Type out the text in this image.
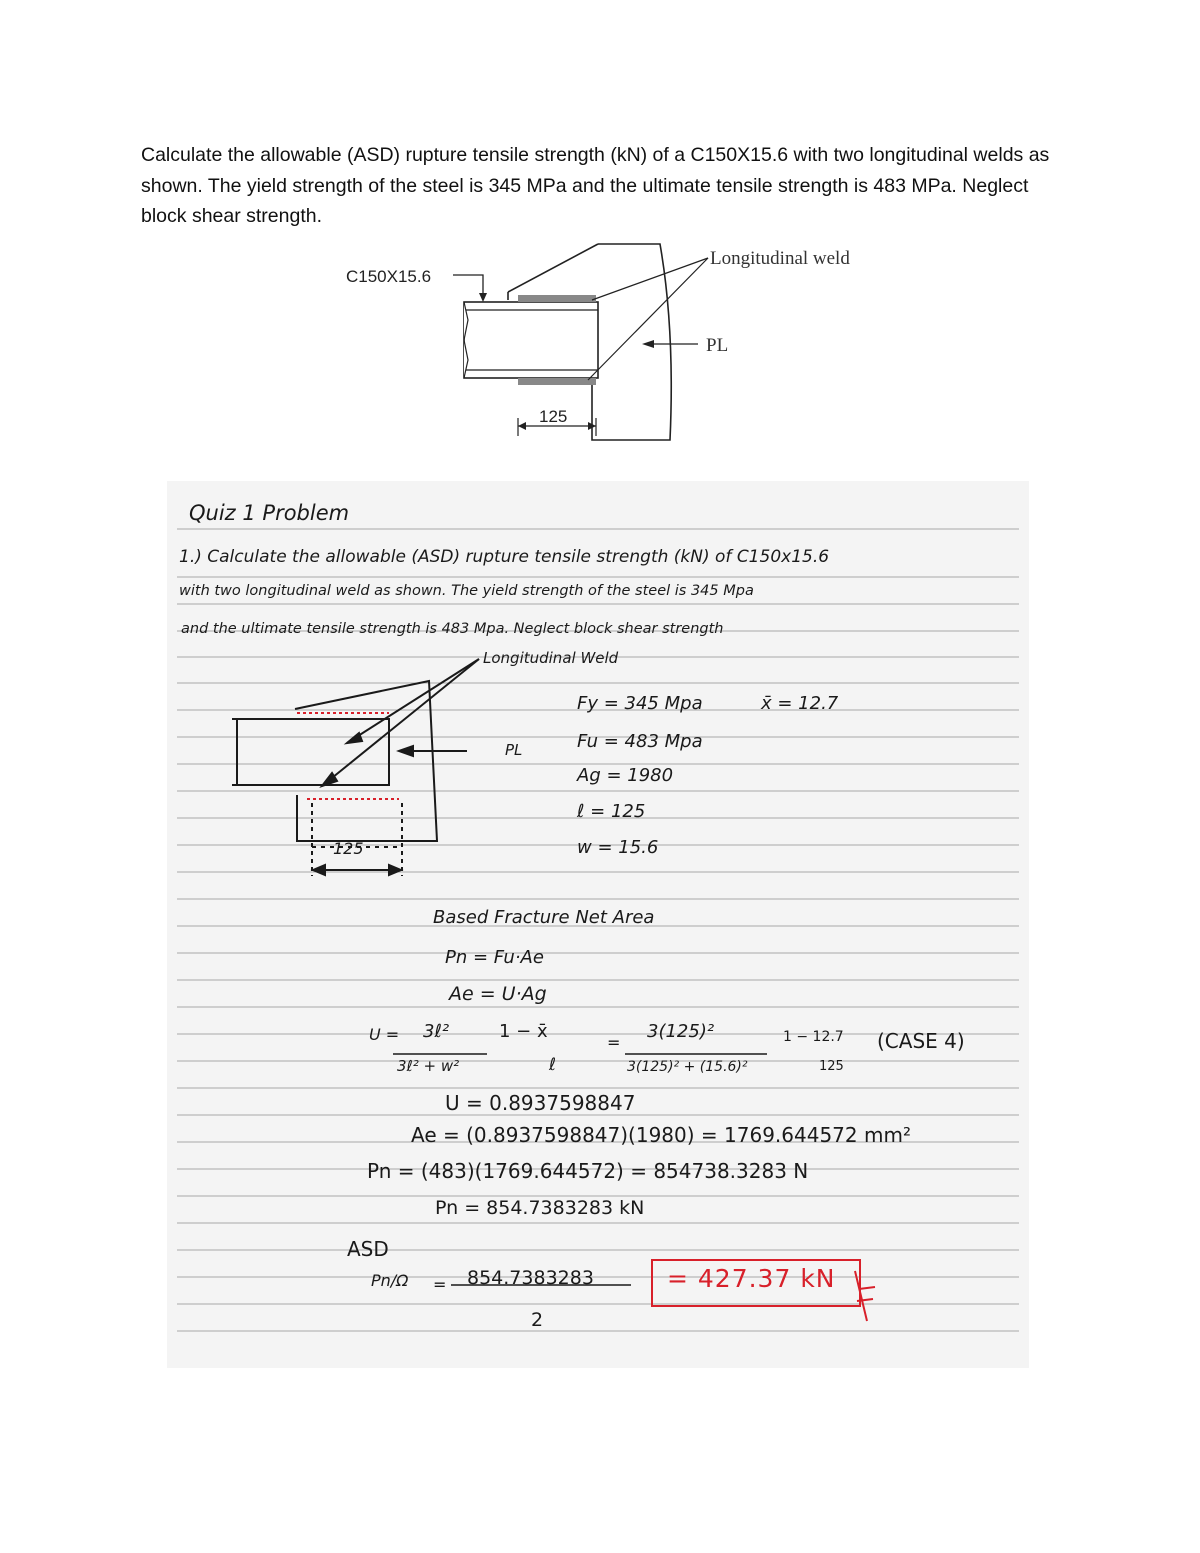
Calculate the allowable (ASD) rupture tensile strength (kN) of a C150X15.6 with two longitudinal welds as shown. The yield strength of the steel is 345 MPa and the ultimate tensile strength is 483 MPa. Neglect block shear strength.
C150X15.6
Longitudinal weld
PL
125
Quiz 1 Problem
1.) Calculate the allowable (ASD) rupture tensile strength (kN) of C150x15.6
with two longitudinal weld as shown. The yield strength of the steel is 345 Mpa
and the ultimate tensile strength is 483 Mpa. Neglect block shear strength
Longitudinal Weld
PL
125
Fy = 345 Mpa	x̄ = 12.7
Fu = 483 Mpa
Ag = 1980
ℓ = 125
w = 15.6
Based Fracture Net Area
Pn = Fu·Ae
Ae = U·Ag
U = 3ℓ²
3ℓ² + w²
1 − x̄
ℓ
=
3(125)²
3(125)² + (15.6)²
1 − 12.7
125
(CASE 4)
U = 0.8937598847
Ae = (0.8937598847)(1980) = 1769.644572 mm²
Pn = (483)(1769.644572) = 854738.3283 N
Pn = 854.7383283 kN
ASD
Pn/Ω = 854.7383283
2
= 427.37 kN
